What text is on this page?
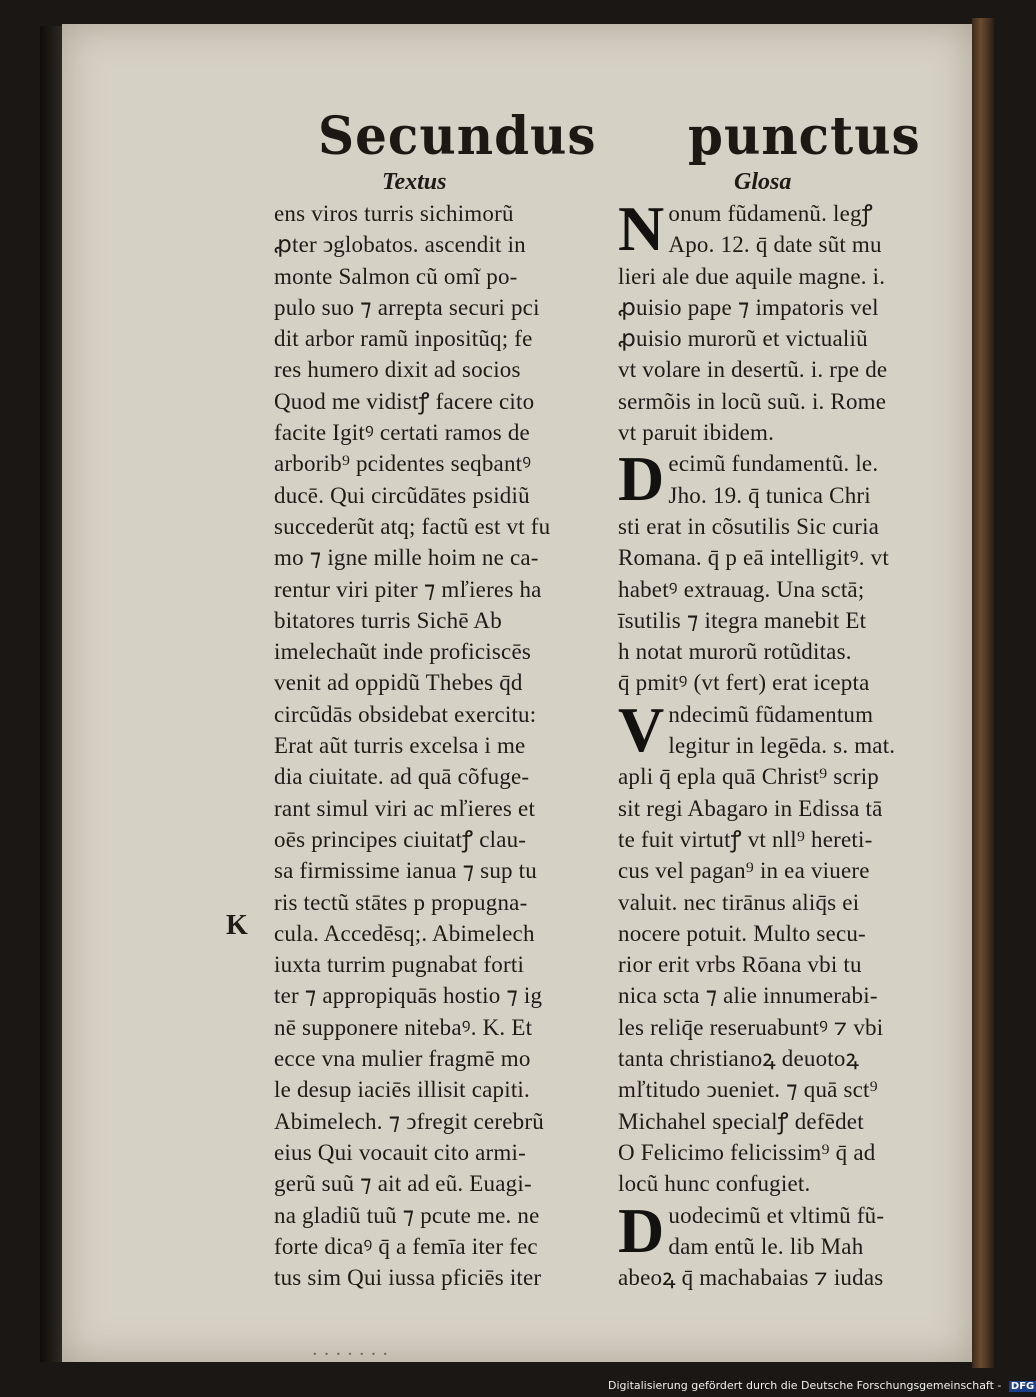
Secundus punctus
Textus
ens viros turris sichimorũ
ꝓter ↄglobatos. ascendit in
monte Salmon cũ omĩ po-
pulo suo ⁊ arrepta securi pci
dit arbor ramũ inpositũq; fe
res humero dixit ad socios
Quod me vidistꝭ facere cito
facite Igitꝰ certati ramos de
arborib⁹ pcidentes seqbantꝰ
ducē. Qui circũdātes psidiũ
succederũt atq; factũ est vt fu
mo ⁊ igne mille hoim ne ca-
rentur viri piter ⁊ mľieres ha
bitatores turris Sichē Ab
imelechaũt inde proficiscēs
venit ad oppidũ Thebes q̄d
circũdās obsidebat exercitu:
Erat aũt turris excelsa i me
dia ciuitate. ad quā cõfuge-
rant simul viri ac mľieres et
oēs principes ciuitatꝭ clau-
sa firmissime ianua ⁊ sup tu
ris tectũ stātes p propugna-
cula. Accedēsq;. Abimelech
iuxta turrim pugnabat forti
ter ⁊ appropiquās hostio ⁊ ig
nē supponere nitebaꝰ. K. Et
ecce vna mulier fragmē mo
le desup iaciēs illisit capiti.
Abimelech. ⁊ ↄfregit cerebrũ
eius Qui vocauit cito armi-
gerũ suũ ⁊ ait ad eũ. Euagi-
na gladiũ tuũ ⁊ pcute me. ne
forte dicaꝰ q̄ a femīa iter fec
tus sim Qui iussa pficiēs iter
K
Glosa
Nonum fũdamenũ. legꝭ
Apo. 12. q̄ date sũt mu
lieri ale due aquile magne. i.
ꝓuisio pape ⁊ impatoris vel
ꝓuisio murorũ et victualiũ
vt volare in desertũ. i. rpe de
sermõis in locũ suũ. i. Rome
vt paruit ibidem.
Decimũ fundamentũ. le.
Jho. 19. q̄ tunica Chri
sti erat in cõsutilis Sic curia
Romana. q̄ p eā intelligitꝰ. vt
habetꝰ extrauag. Una sctā;
īsutilis ⁊ itegra manebit Et
h notat murorũ rotũditas.
q̄ pmitꝰ (vt fert) erat icepta
Vndecimũ fũdamentum
legitur in legēda. s. mat.
apli q̄ epla quā Christ⁹ scrip
sit regi Abagaro in Edissa tā
te fuit virtutꝭ vt nll⁹ hereti-
cus vel pagan⁹ in ea viuere
valuit. nec tirānus aliq̄s ei
nocere potuit. Multo secu-
rior erit vrbs Rōana vbi tu
nica scta ⁊ alie innumerabi-
les reliq̄e reseruabuntꝰ ⁊ vbi
tanta christianoꝝ deuotoꝝ
mľtitudo ↄueniet. ⁊ quā sct⁹
Michahel specialꝭ defēdet
O Felicimo felicissim⁹ q̄ ad
locũ hunc confugiet.
Duodecimũ et vltimũ fũ-
dam entũ le. lib Mah
abeoꝝ q̄ machabaias ⁊ iudas
·······
Digitalisierung gefördert durch die Deutsche Forschungsgemeinschaft - DFG
